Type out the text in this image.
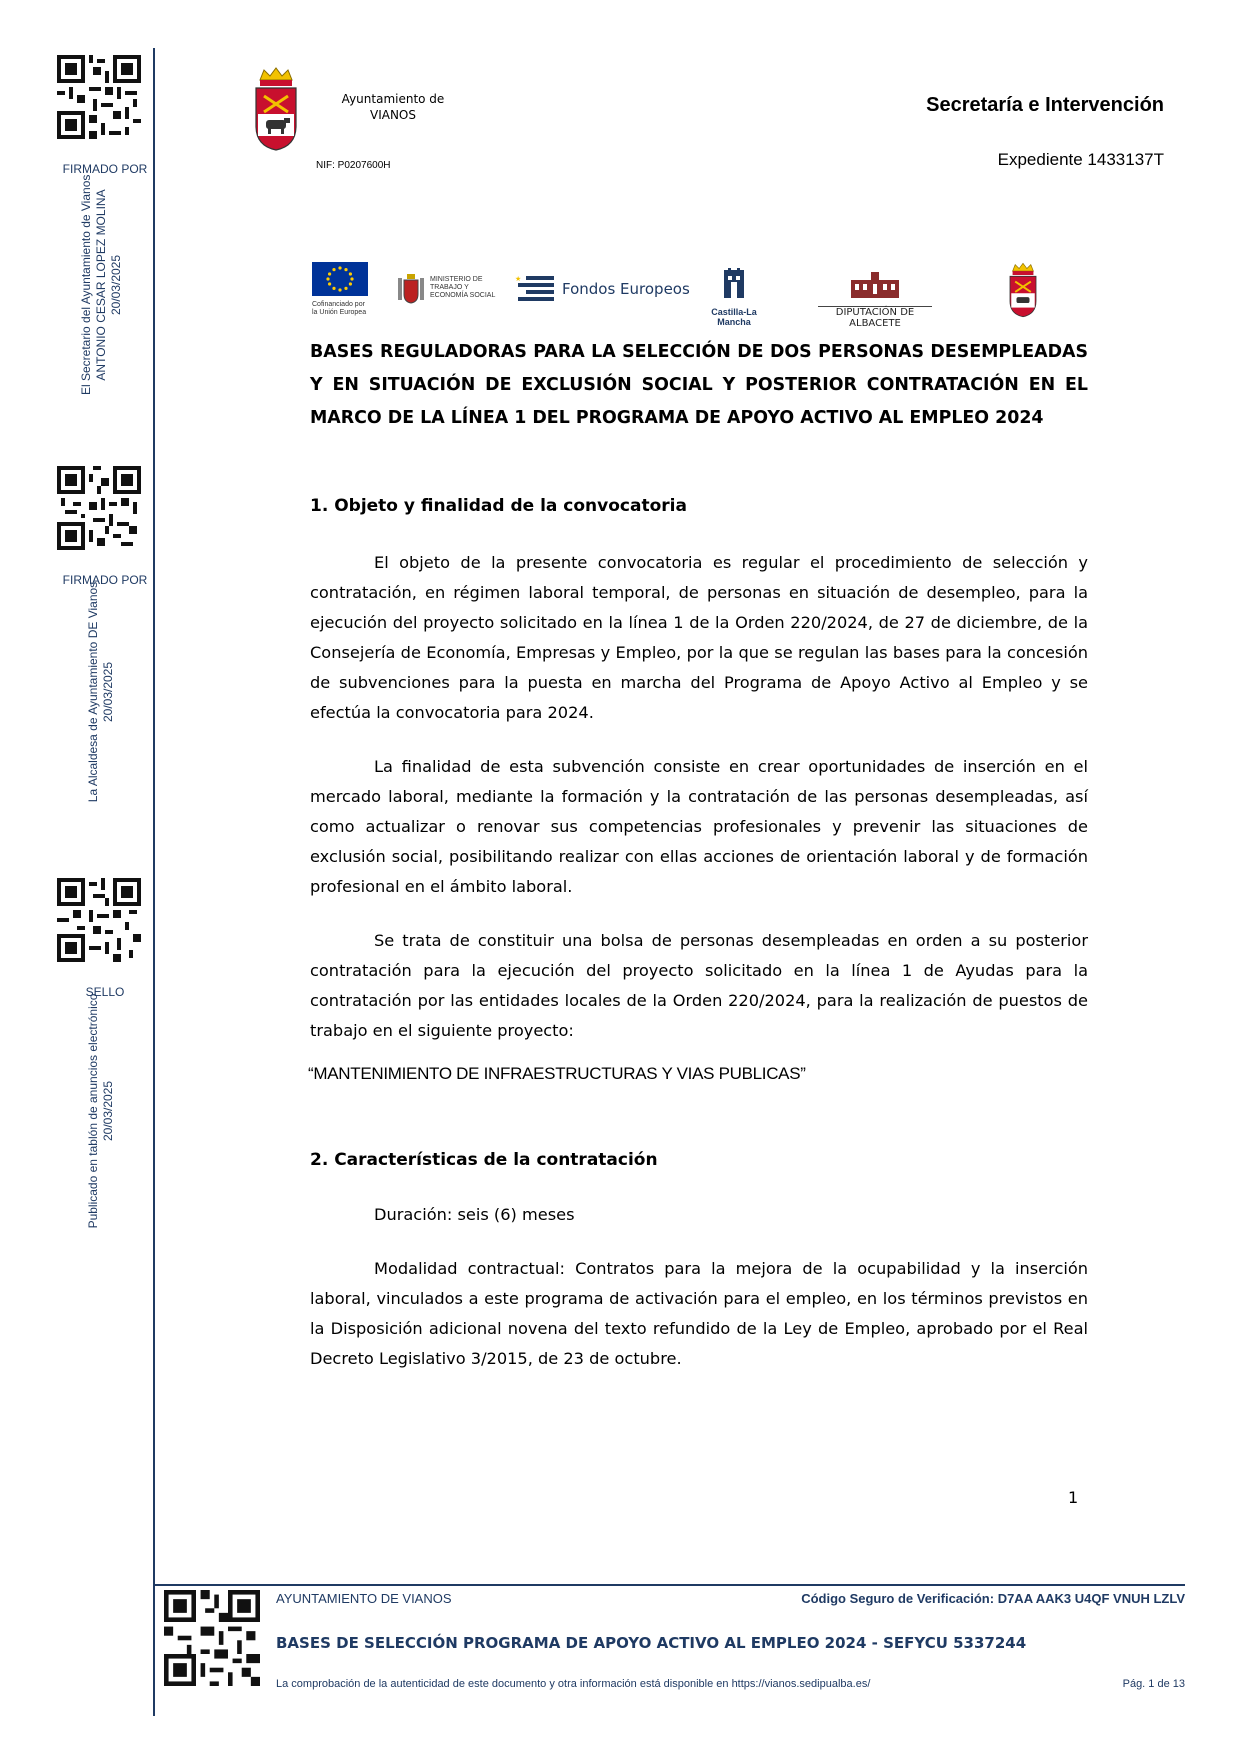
FIRMADO POR
El Secretario del Ayuntamiento de Vianos ANTONIO CESAR LOPEZ MOLINA 20/03/2025
FIRMADO POR
La Alcaldesa de Ayuntamiento DE Vianos 20/03/2025
SELLO
Publicado en tablón de anuncios electrónico 20/03/2025
Ayuntamiento de
VIANOS
NIF: P0207600H
Secretaría e Intervención
Expediente 1433137T
Cofinanciado por la Unión Europea
MINISTERIO DE TRABAJO Y ECONOMÍA SOCIAL
★
Fondos Europeos
Castilla-La Mancha
DIPUTACIÓN DE ALBACETE
BASES REGULADORAS PARA LA SELECCIÓN DE DOS PERSONAS DESEMPLEADAS Y EN SITUACIÓN DE EXCLUSIÓN SOCIAL Y POSTERIOR CONTRATACIÓN EN EL MARCO DE LA LÍNEA 1 DEL PROGRAMA DE APOYO ACTIVO AL EMPLEO 2024
1. Objeto y finalidad de la convocatoria
El objeto de la presente convocatoria es regular el procedimiento de selección y contratación, en régimen laboral temporal, de personas en situación de desempleo, para la ejecución del proyecto solicitado en la línea 1 de la Orden 220/2024, de 27 de diciembre, de la Consejería de Economía, Empresas y Empleo, por la que se regulan las bases para la concesión de subvenciones para la puesta en marcha del Programa de Apoyo Activo al Empleo y se efectúa la convocatoria para 2024.
La finalidad de esta subvención consiste en crear oportunidades de inserción en el mercado laboral, mediante la formación y la contratación de las personas desempleadas, así como actualizar o renovar sus competencias profesionales y prevenir las situaciones de exclusión social, posibilitando realizar con ellas acciones de orientación laboral y de formación profesional en el ámbito laboral.
Se trata de constituir una bolsa de personas desempleadas en orden a su posterior contratación para la ejecución del proyecto solicitado en la línea 1 de Ayudas para la contratación por las entidades locales de la Orden 220/2024, para la realización de puestos de trabajo en el siguiente proyecto:
“MANTENIMIENTO DE INFRAESTRUCTURAS Y VIAS PUBLICAS”
2. Características de la contratación
Duración: seis (6) meses
Modalidad contractual: Contratos para la mejora de la ocupabilidad y la inserción laboral, vinculados a este programa de activación para el empleo, en los términos previstos en la Disposición adicional novena del texto refundido de la Ley de Empleo, aprobado por el Real Decreto Legislativo 3/2015, de 23 de octubre.
1
AYUNTAMIENTO DE VIANOS	Código Seguro de Verificación: D7AA AAK3 U4QF VNUH LZLV
BASES DE SELECCIÓN PROGRAMA DE APOYO ACTIVO AL EMPLEO 2024 - SEFYCU 5337244
La comprobación de la autenticidad de este documento y otra información está disponible en https://vianos.sedipualba.es/	Pág. 1 de 13
